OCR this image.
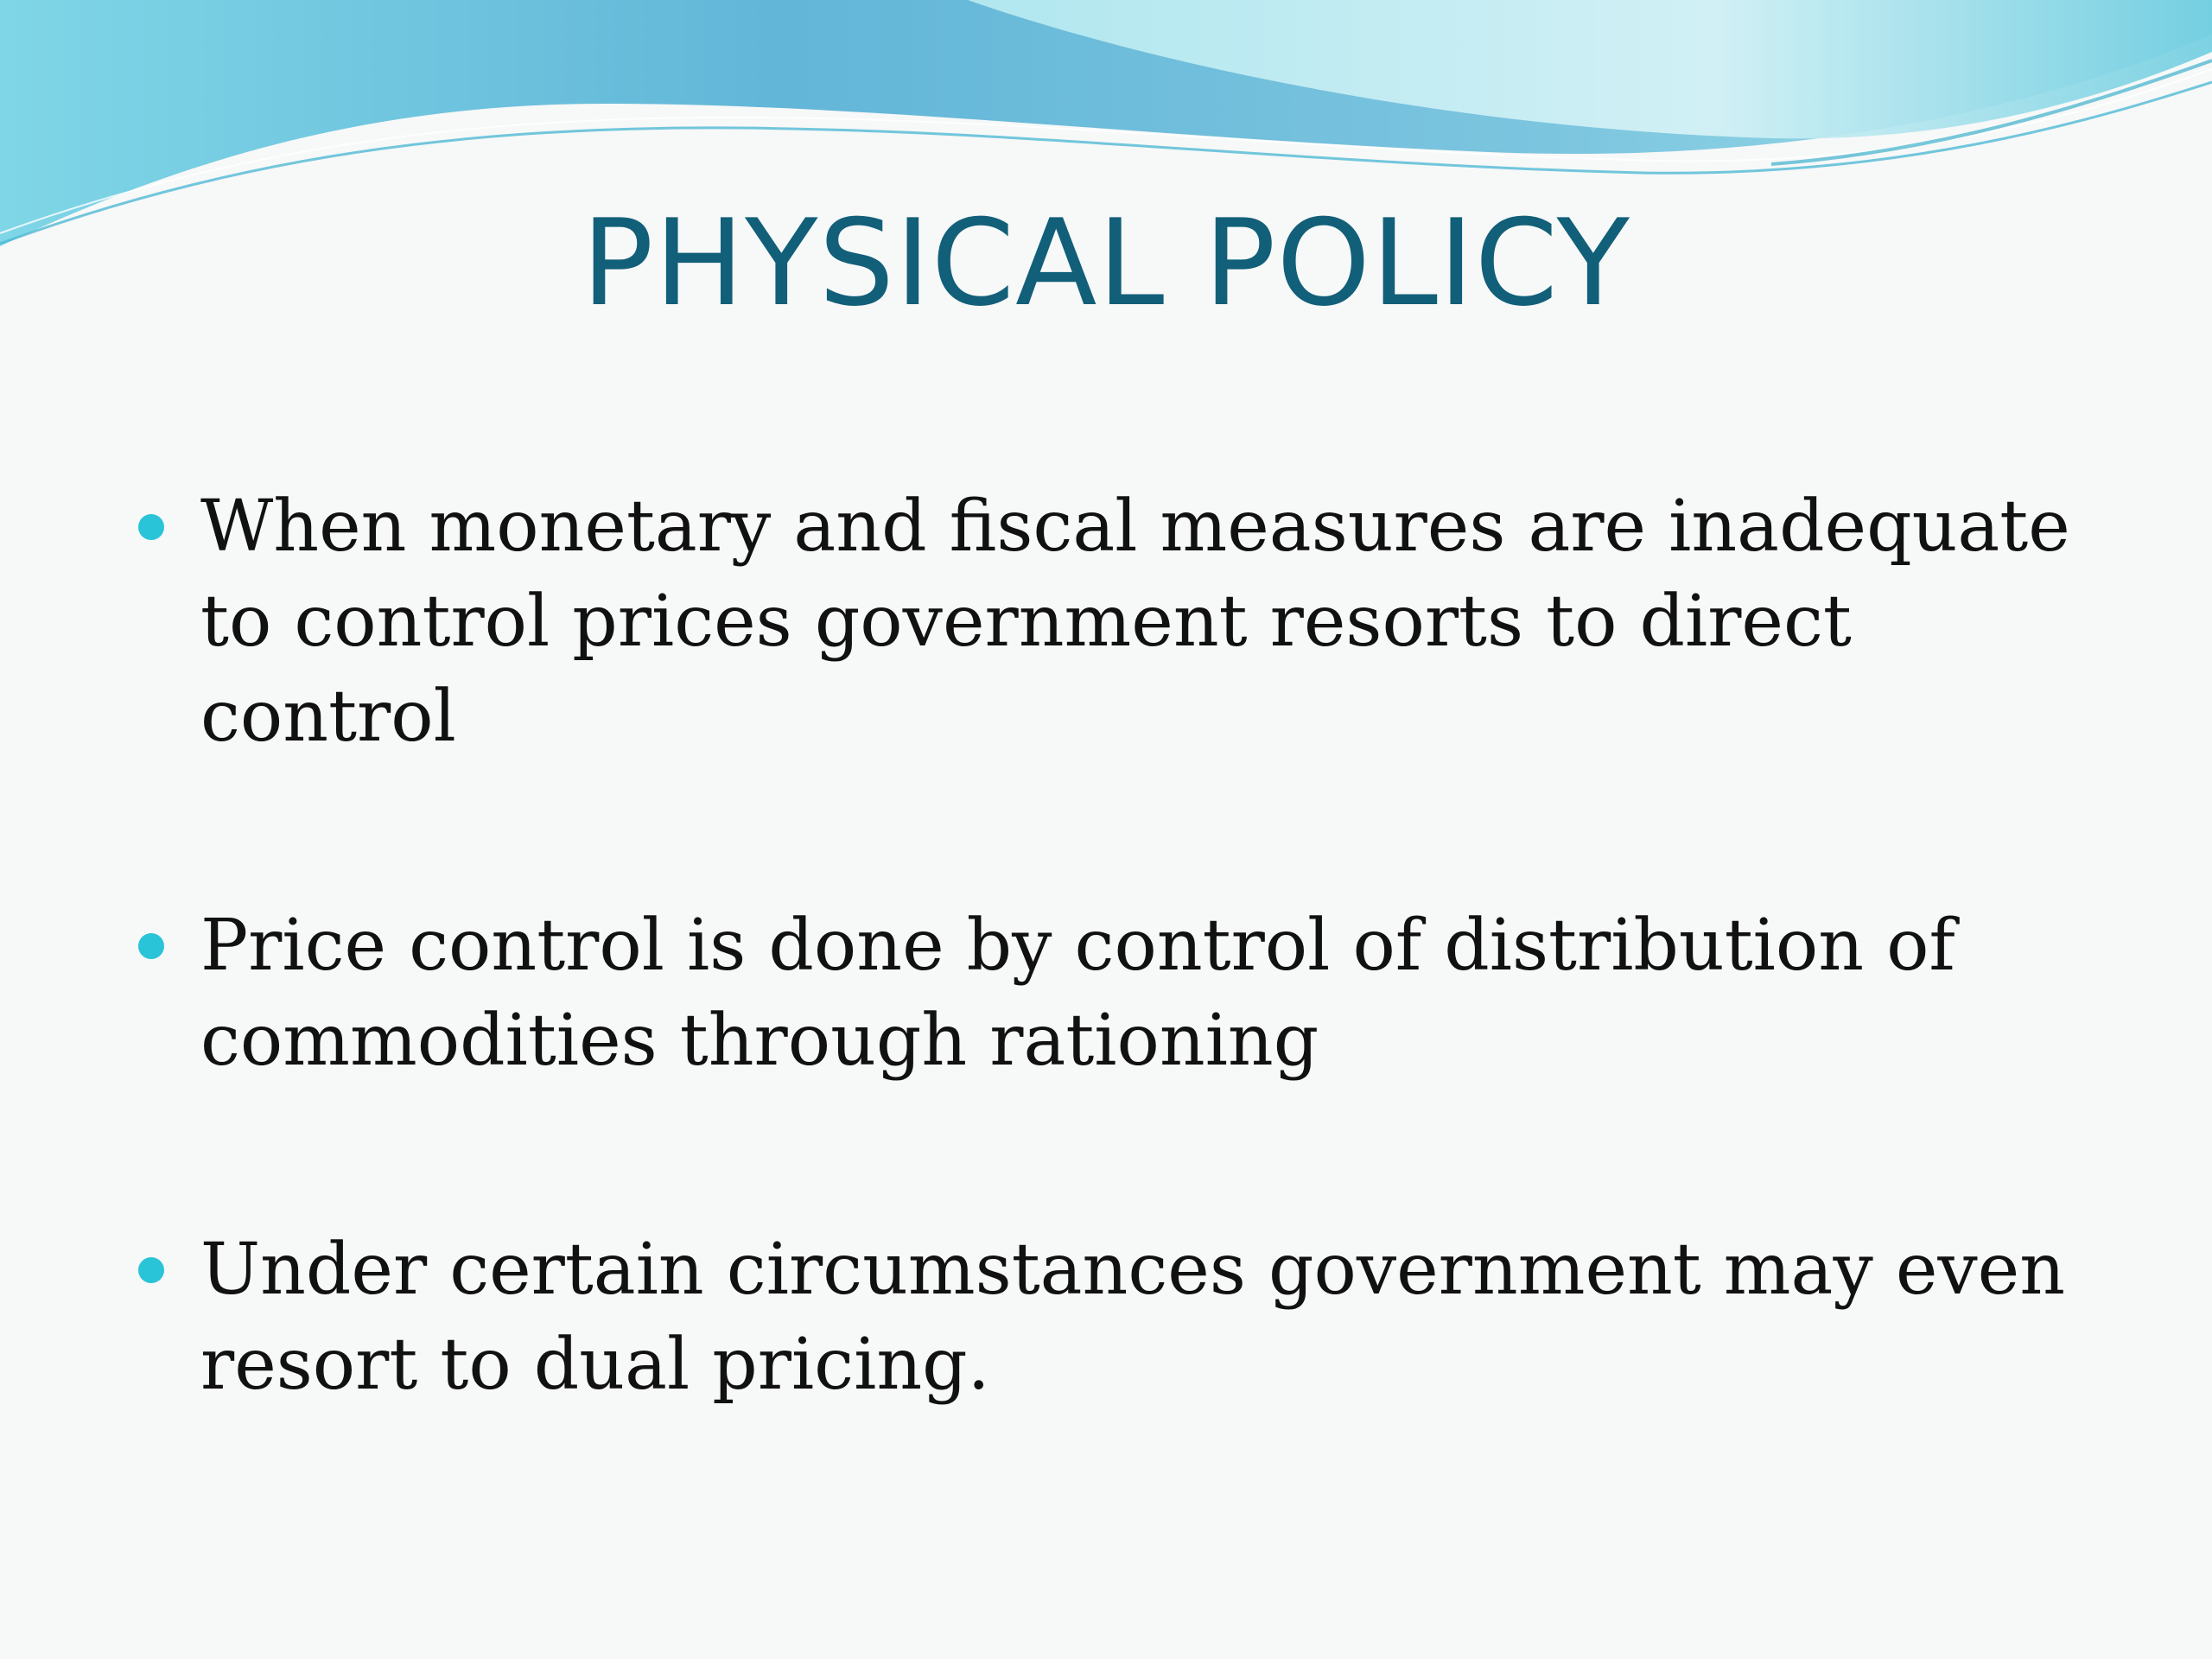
PHYSICAL POLICY
When monetary and fiscal measures are inadequate to control prices government resorts to direct control
Price control is done by control of distribution of commodities through rationing
Under certain circumstances government may even resort to dual pricing.
